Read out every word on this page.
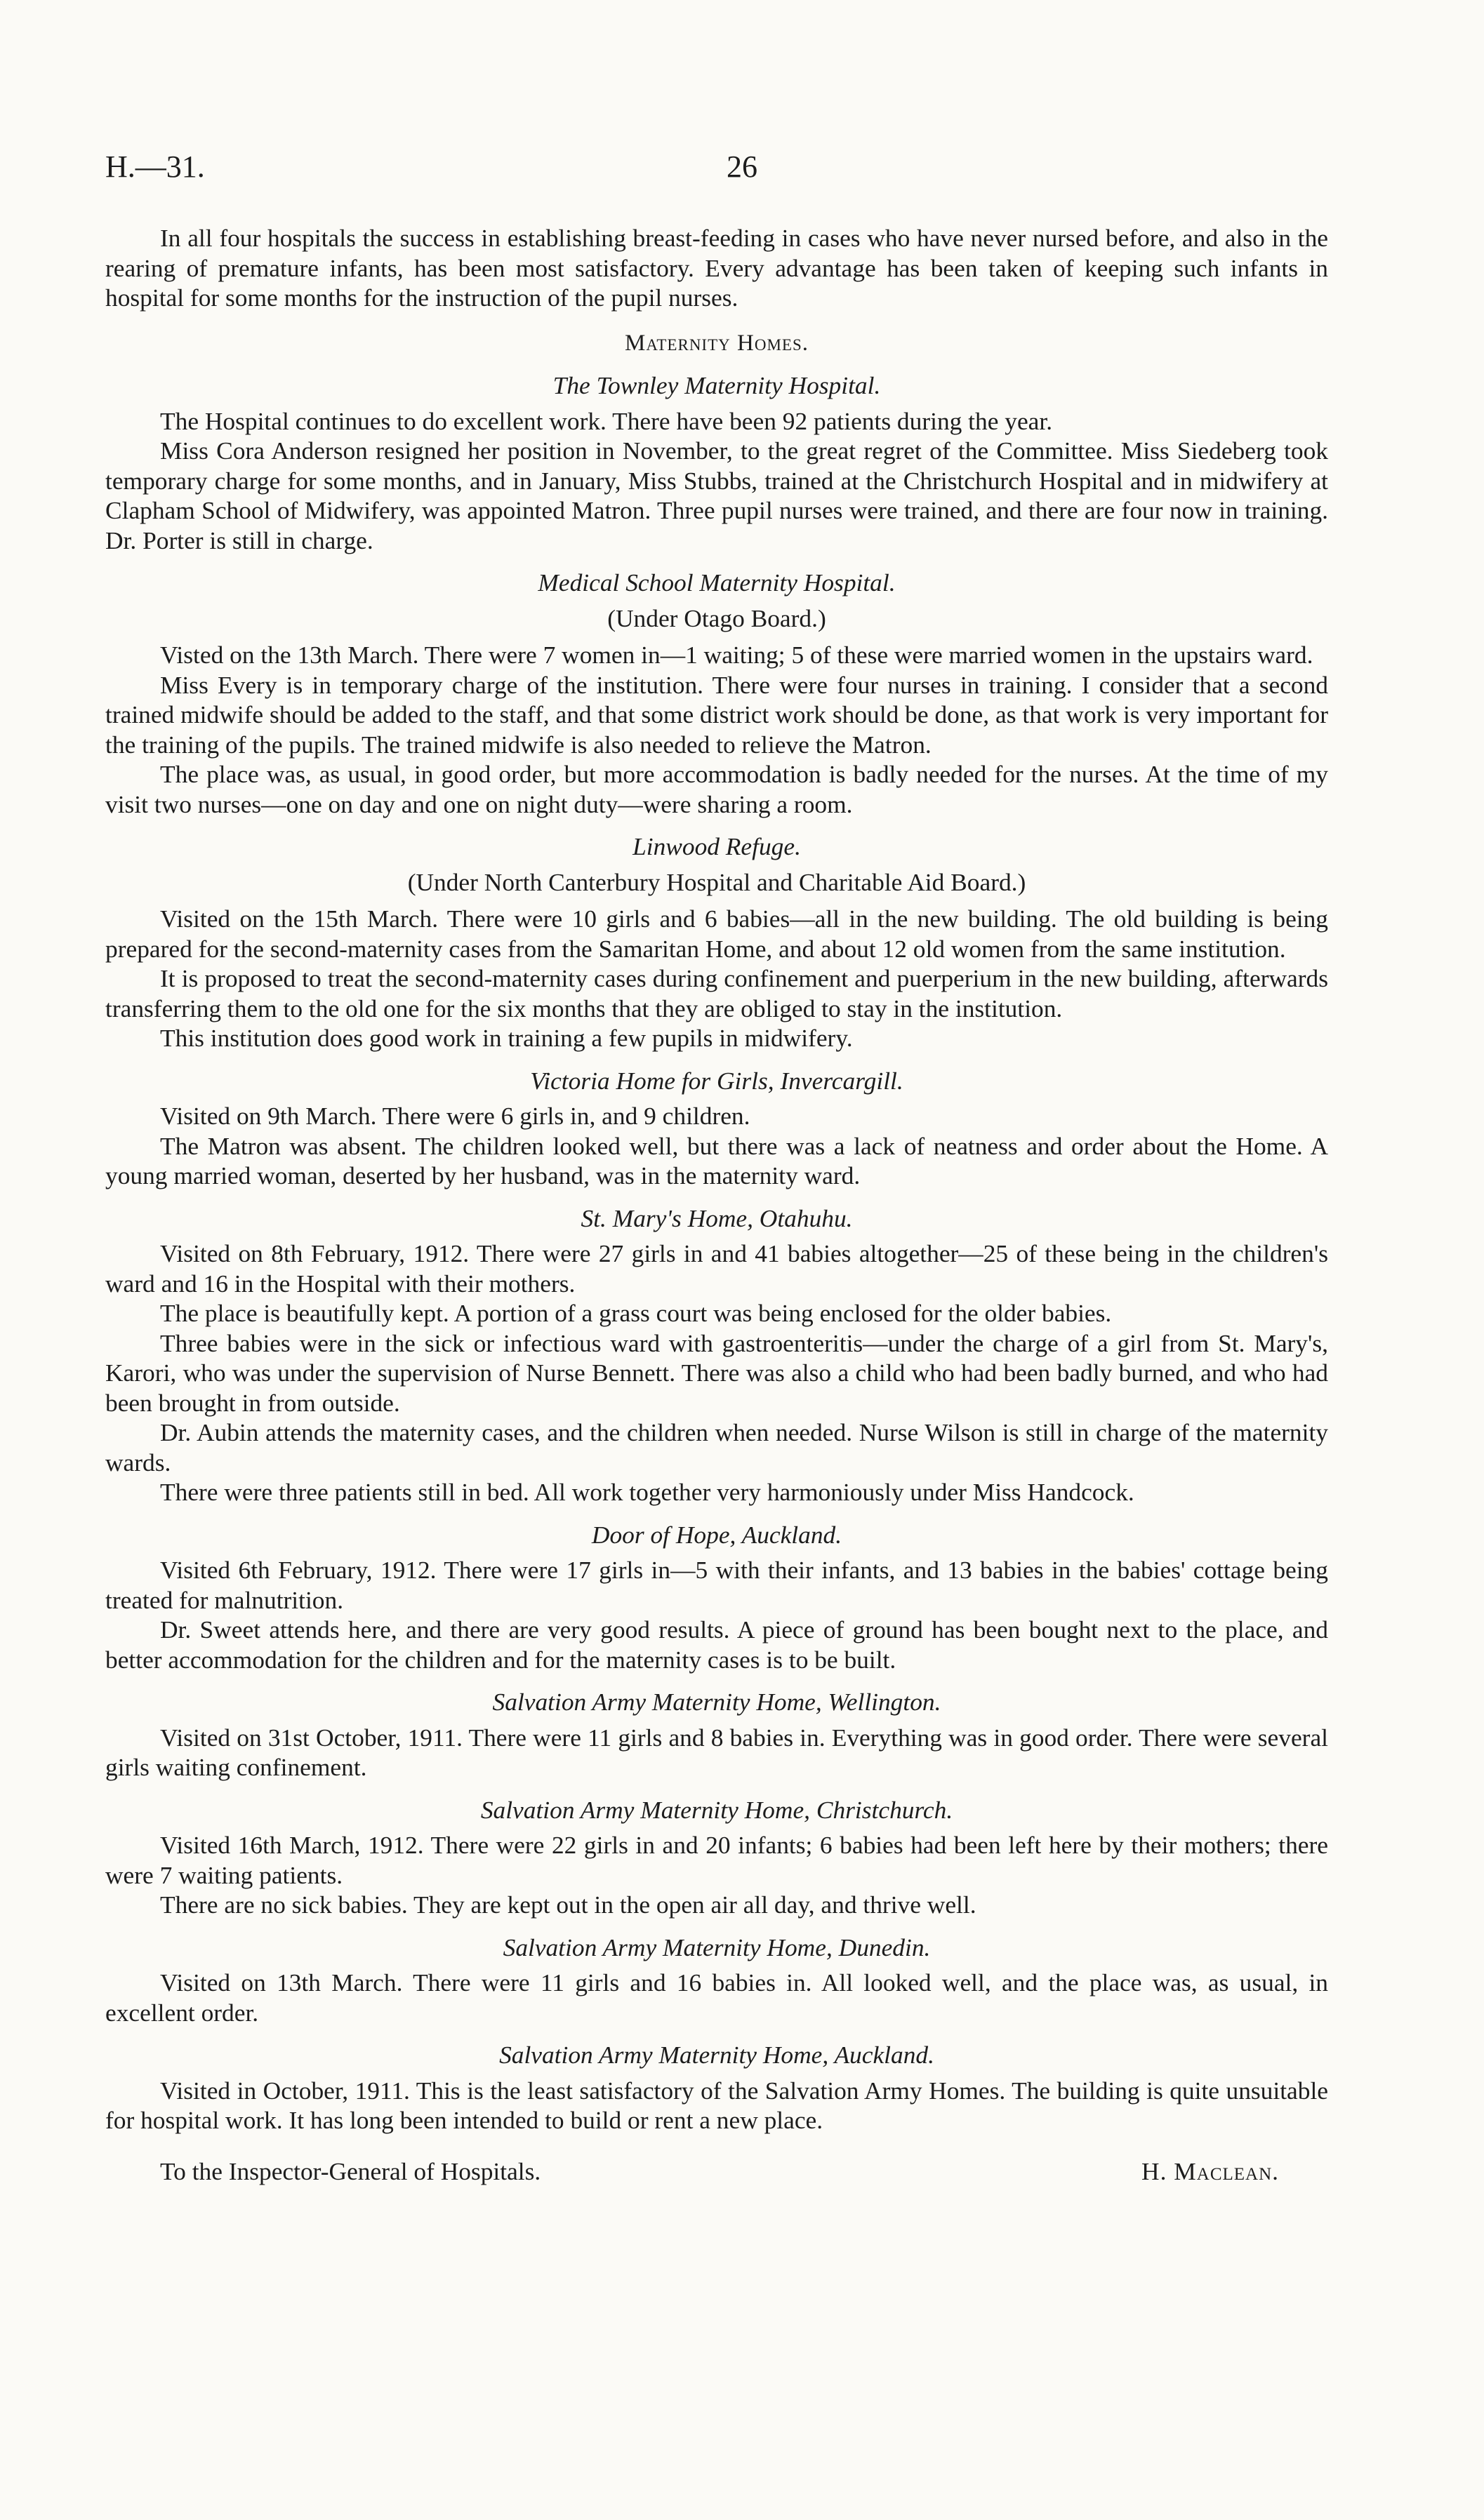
H.—31.	26

In all four hospitals the success in establishing breast-feeding in cases who have never nursed before, and also in the rearing of premature infants, has been most satisfactory. Every advantage has been taken of keeping such infants in hospital for some months for the instruction of the pupil nurses.

Maternity Homes.
The Townley Maternity Hospital.

The Hospital continues to do excellent work. There have been 92 patients during the year.

Miss Cora Anderson resigned her position in November, to the great regret of the Committee. Miss Siedeberg took temporary charge for some months, and in January, Miss Stubbs, trained at the Christchurch Hospital and in midwifery at Clapham School of Midwifery, was appointed Matron. Three pupil nurses were trained, and there are four now in training. Dr. Porter is still in charge.

Medical School Maternity Hospital.
(Under Otago Board.)

Visted on the 13th March. There were 7 women in—1 waiting; 5 of these were married women in the upstairs ward.

Miss Every is in temporary charge of the institution. There were four nurses in training. I consider that a second trained midwife should be added to the staff, and that some district work should be done, as that work is very important for the training of the pupils. The trained midwife is also needed to relieve the Matron.

The place was, as usual, in good order, but more accommodation is badly needed for the nurses. At the time of my visit two nurses—one on day and one on night duty—were sharing a room.

Linwood Refuge.
(Under North Canterbury Hospital and Charitable Aid Board.)

Visited on the 15th March. There were 10 girls and 6 babies—all in the new building. The old building is being prepared for the second-maternity cases from the Samaritan Home, and about 12 old women from the same institution.

It is proposed to treat the second-maternity cases during confinement and puerperium in the new building, afterwards transferring them to the old one for the six months that they are obliged to stay in the institution.

This institution does good work in training a few pupils in midwifery.

Victoria Home for Girls, Invercargill.

Visited on 9th March. There were 6 girls in, and 9 children.

The Matron was absent. The children looked well, but there was a lack of neatness and order about the Home. A young married woman, deserted by her husband, was in the maternity ward.

St. Mary's Home, Otahuhu.

Visited on 8th February, 1912. There were 27 girls in and 41 babies altogether—25 of these being in the children's ward and 16 in the Hospital with their mothers.

The place is beautifully kept. A portion of a grass court was being enclosed for the older babies.

Three babies were in the sick or infectious ward with gastroenteritis—under the charge of a girl from St. Mary's, Karori, who was under the supervision of Nurse Bennett. There was also a child who had been badly burned, and who had been brought in from outside.

Dr. Aubin attends the maternity cases, and the children when needed. Nurse Wilson is still in charge of the maternity wards.

There were three patients still in bed. All work together very harmoniously under Miss Handcock.

Door of Hope, Auckland.

Visited 6th February, 1912. There were 17 girls in—5 with their infants, and 13 babies in the babies' cottage being treated for malnutrition.

Dr. Sweet attends here, and there are very good results. A piece of ground has been bought next to the place, and better accommodation for the children and for the maternity cases is to be built.

Salvation Army Maternity Home, Wellington.

Visited on 31st October, 1911. There were 11 girls and 8 babies in. Everything was in good order. There were several girls waiting confinement.

Salvation Army Maternity Home, Christchurch.

Visited 16th March, 1912. There were 22 girls in and 20 infants; 6 babies had been left here by their mothers; there were 7 waiting patients.

There are no sick babies. They are kept out in the open air all day, and thrive well.

Salvation Army Maternity Home, Dunedin.

Visited on 13th March. There were 11 girls and 16 babies in. All looked well, and the place was, as usual, in excellent order.

Salvation Army Maternity Home, Auckland.

Visited in October, 1911. This is the least satisfactory of the Salvation Army Homes. The building is quite unsuitable for hospital work. It has long been intended to build or rent a new place.

To the Inspector-General of Hospitals.	H. Maclean.
